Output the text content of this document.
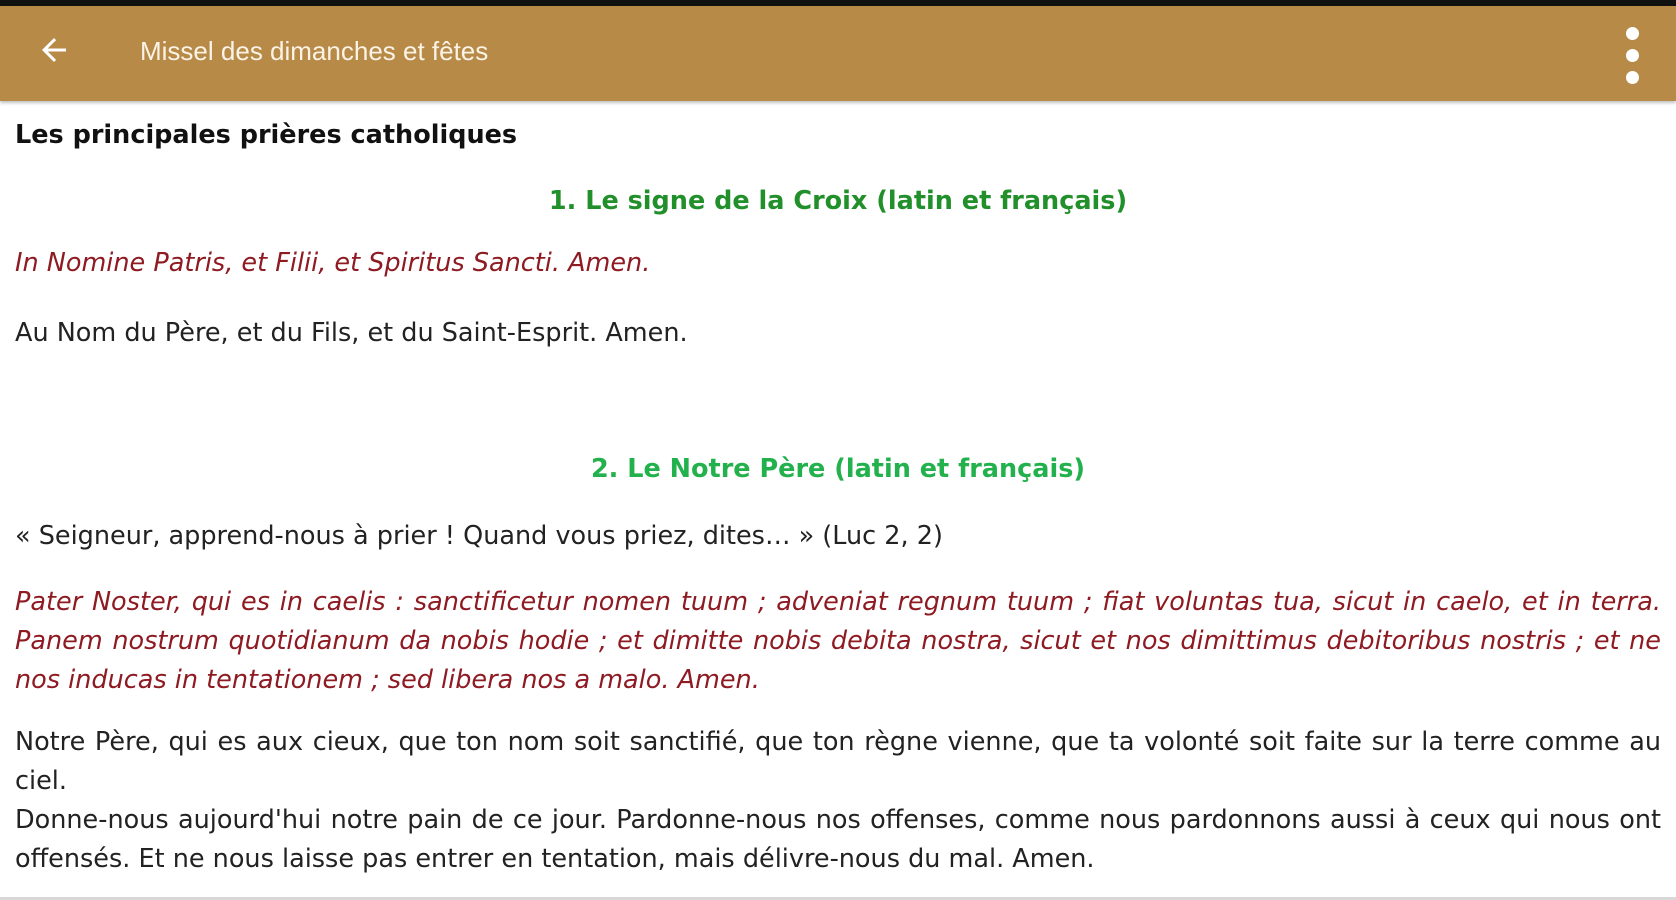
Missel des dimanches et fêtes
Les principales prières catholiques
1. Le signe de la Croix (latin et français)
In Nomine Patris, et Filii, et Spiritus Sancti. Amen.
Au Nom du Père, et du Fils, et du Saint-Esprit. Amen.
2. Le Notre Père (latin et français)
« Seigneur, apprend-nous à prier ! Quand vous priez, dites… » (Luc 2, 2)
Pater Noster, qui es in caelis : sanctificetur nomen tuum ; adveniat regnum tuum ; fiat voluntas tua, sicut in caelo, et in terra. Panem nostrum quotidianum da nobis hodie ; et dimitte nobis debita nostra, sicut et nos dimittimus debitoribus nostris ; et ne nos inducas in tentationem ; sed libera nos a malo. Amen.
Notre Père, qui es aux cieux, que ton nom soit sanctifié, que ton règne vienne, que ta volonté soit faite sur la terre comme au ciel.
Donne-nous aujourd'hui notre pain de ce jour. Pardonne-nous nos offenses, comme nous pardonnons aussi à ceux qui nous ont offensés. Et ne nous laisse pas entrer en tentation, mais délivre-nous du mal. Amen.
